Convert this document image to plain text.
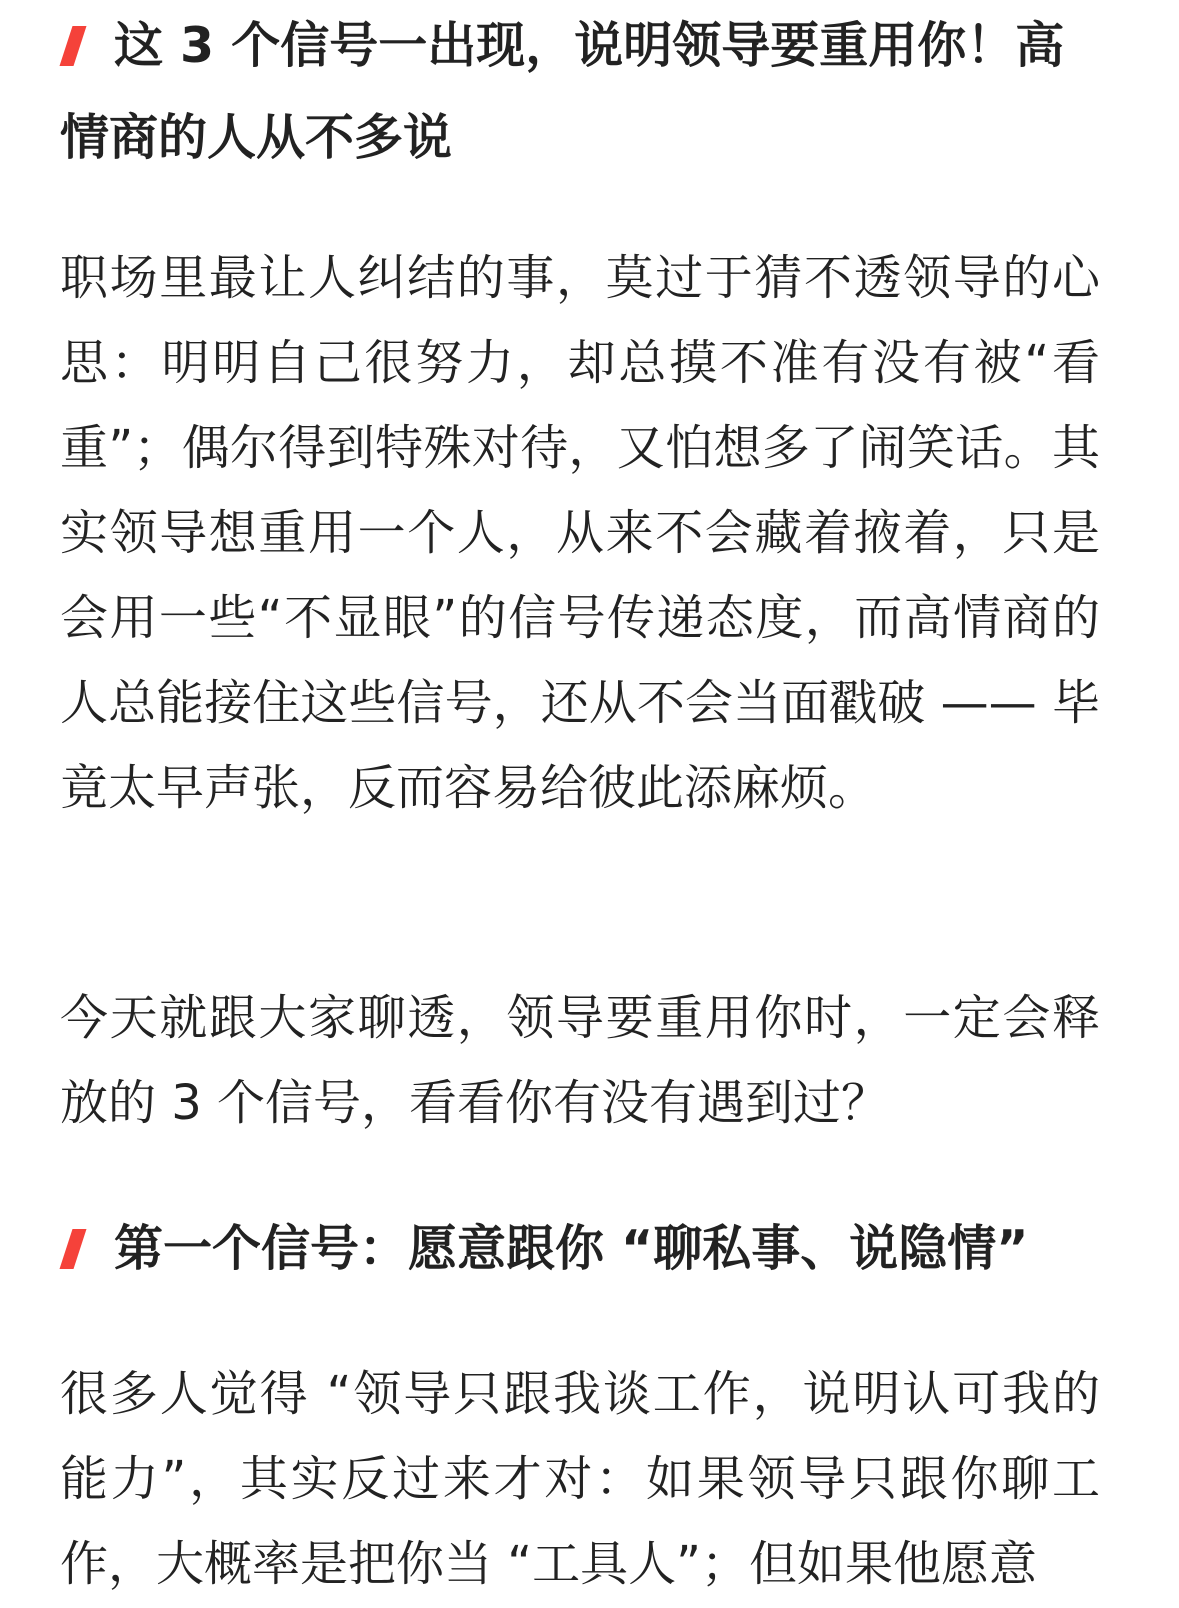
这 3 个信号一出现，说明领导要重用你！高情商的人从不多说
职场里最让人纠结的事，莫过于猜不透领导的心思：明明自己很努力，却总摸不准有没有被“看重”；偶尔得到特殊对待，又怕想多了闹笑话。其实领导想重用一个人，从来不会藏着掖着，只是会用一些“不显眼”的信号传递态度，而高情商的人总能接住这些信号，还从不会当面戳破 —— 毕竟太早声张，反而容易给彼此添麻烦。
今天就跟大家聊透，领导要重用你时，一定会释放的 3 个信号，看看你有没有遇到过？
第一个信号：愿意跟你 “聊私事、说隐情”
很多人觉得 “领导只跟我谈工作，说明认可我的能力”，其实反过来才对：如果领导只跟你聊工作，大概率是把你当 “工具人”；但如果他愿意
